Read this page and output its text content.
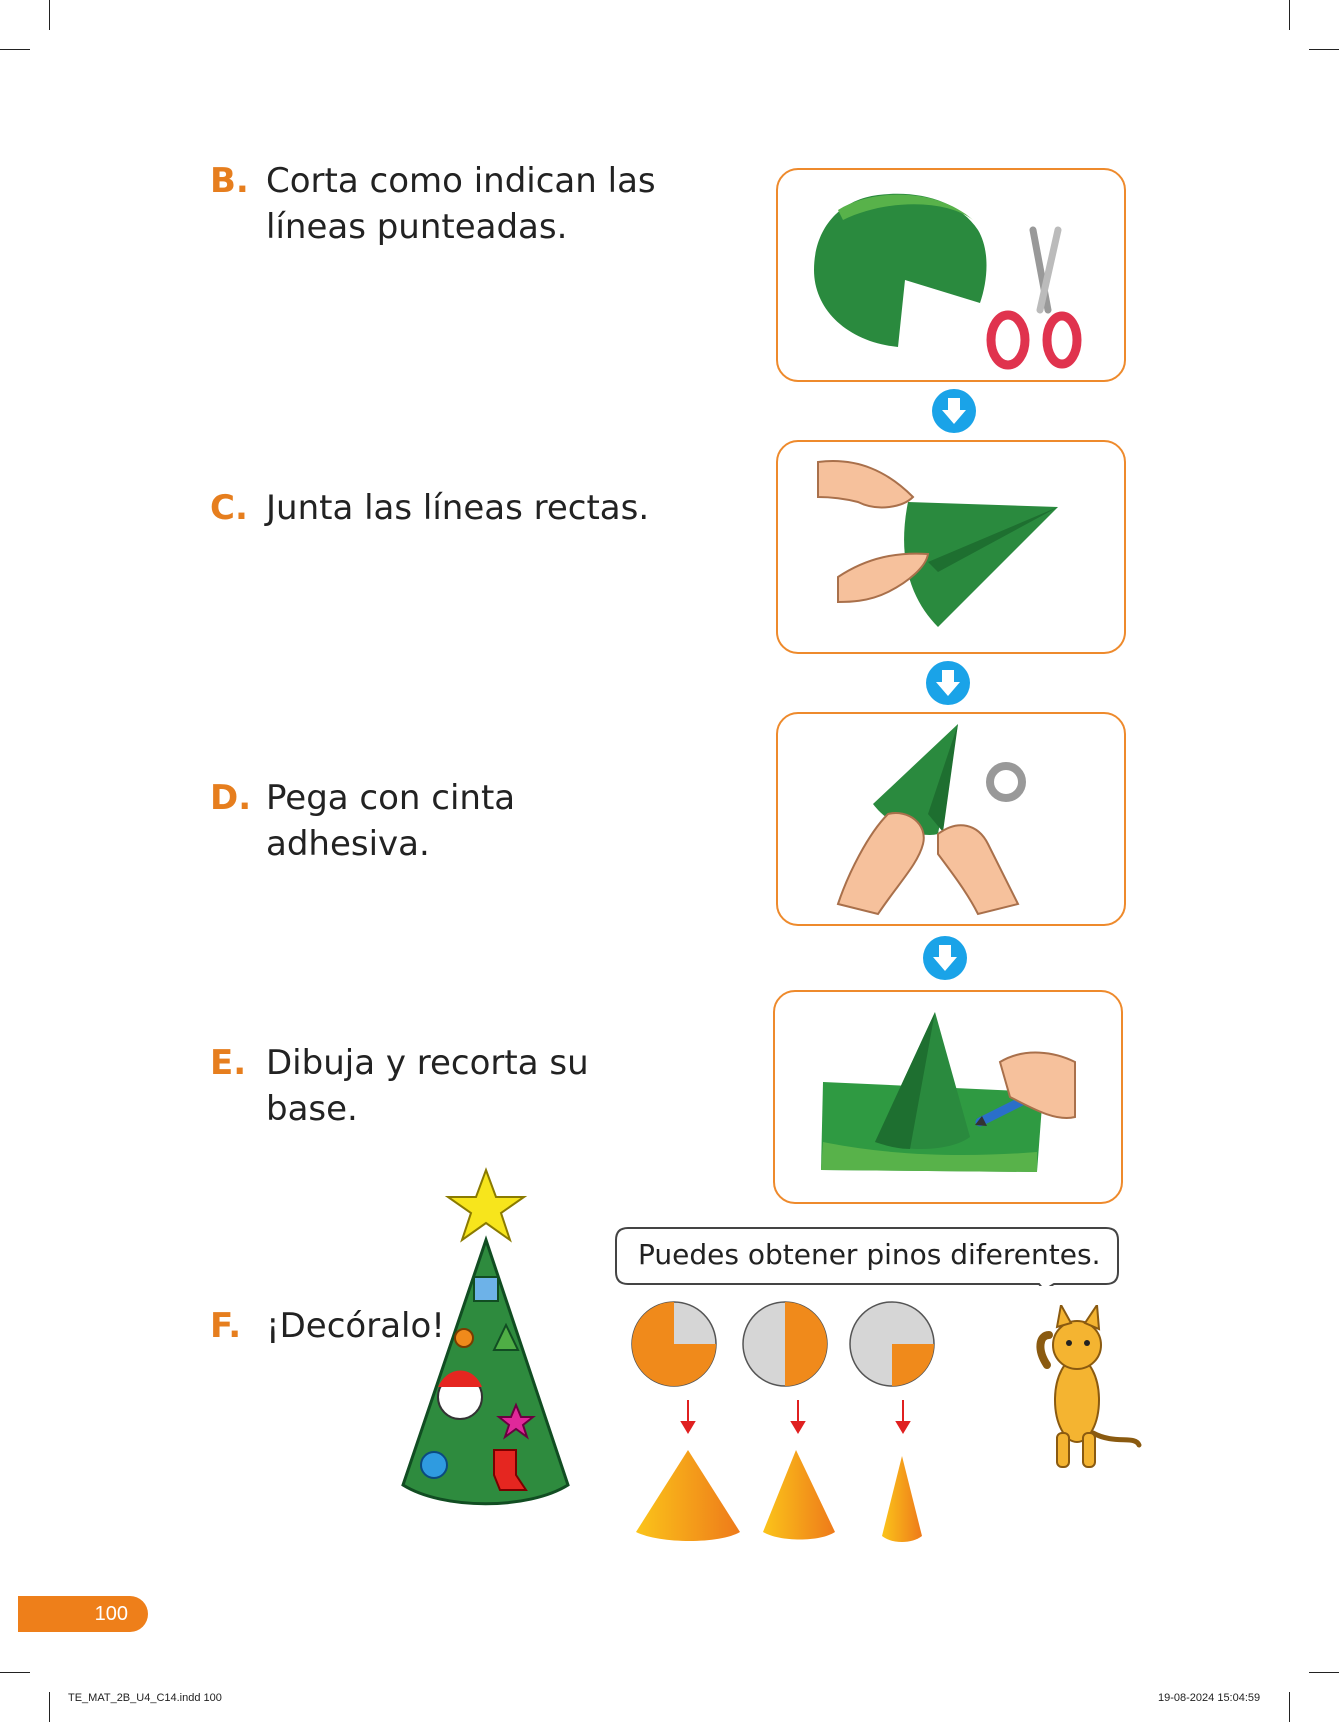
B. Corta como indican las líneas punteadas.
C. Junta las líneas rectas.
D. Pega con cinta adhesiva.
E. Dibuja y recorta su base.
F. ¡Decóralo!
Puedes obtener pinos diferentes.
100
TE_MAT_2B_U4_C14.indd 100	19-08-2024 15:04:59
